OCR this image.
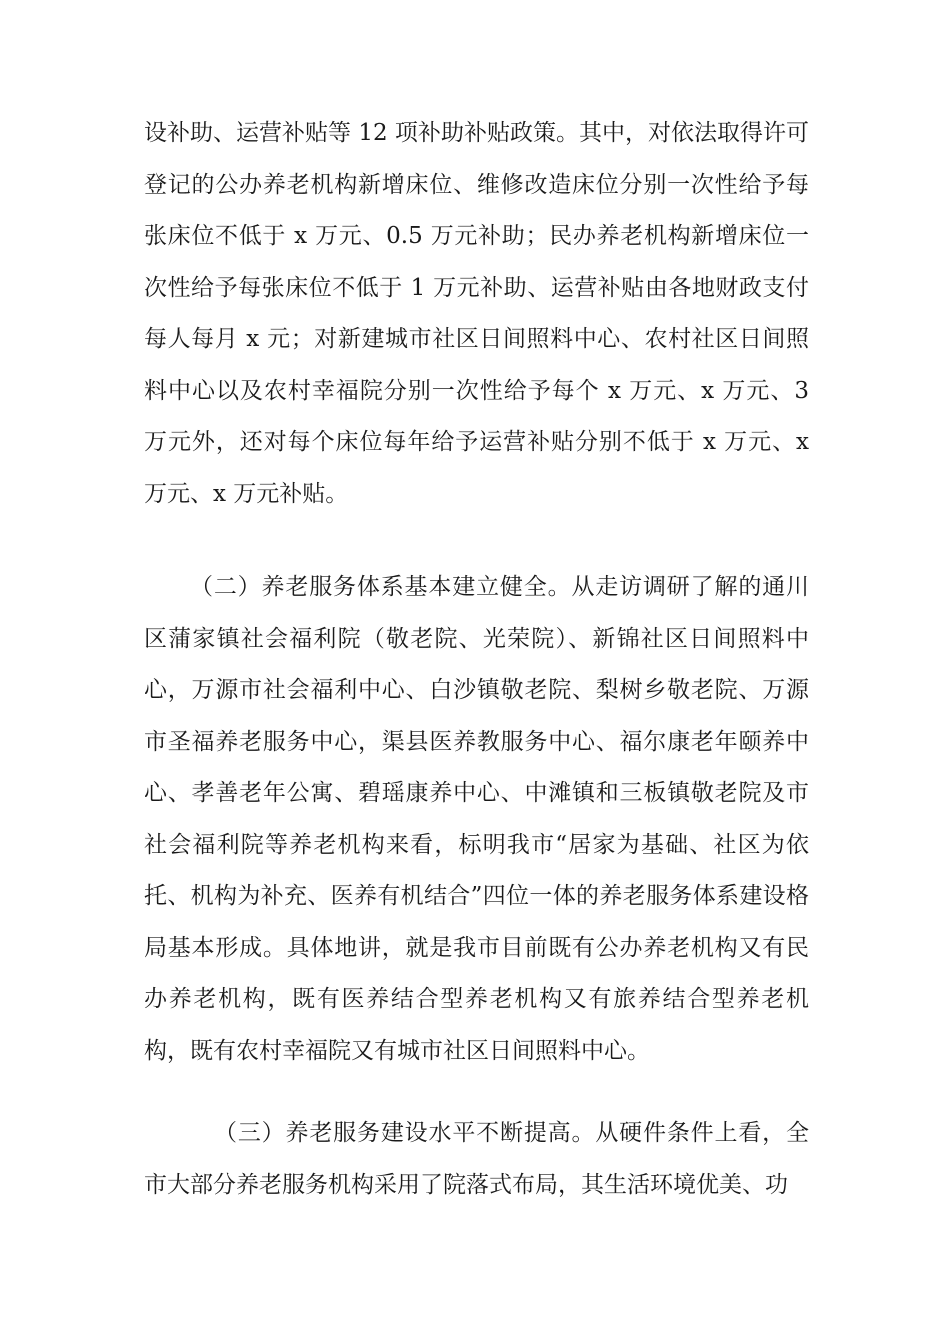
设补助、运营补贴等 12 项补助补贴政策。其中，对依法取得许可登记的公办养老机构新增床位、维修改造床位分别一次性给予每张床位不低于 x 万元、0.5 万元补助；民办养老机构新增床位一次性给予每张床位不低于 1 万元补助、运营补贴由各地财政支付每人每月 x 元；对新建城市社区日间照料中心、农村社区日间照料中心以及农村幸福院分别一次性给予每个 x 万元、x 万元、3 万元外，还对每个床位每年给予运营补贴分别不低于 x 万元、x 万元、x 万元补贴。

（二）养老服务体系基本建立健全。从走访调研了解的通川区蒲家镇社会福利院（敬老院、光荣院）、新锦社区日间照料中心，万源市社会福利中心、白沙镇敬老院、梨树乡敬老院、万源市圣福养老服务中心，渠县医养教服务中心、福尔康老年颐养中心、孝善老年公寓、碧瑶康养中心、中滩镇和三板镇敬老院及市社会福利院等养老机构来看，标明我市“居家为基础、社区为依托、机构为补充、医养有机结合”四位一体的养老服务体系建设格局基本形成。具体地讲，就是我市目前既有公办养老机构又有民办养老机构，既有医养结合型养老机构又有旅养结合型养老机构，既有农村幸福院又有城市社区日间照料中心。

（三）养老服务建设水平不断提高。从硬件条件上看，全市大部分养老服务机构采用了院落式布局，其生活环境优美、功
